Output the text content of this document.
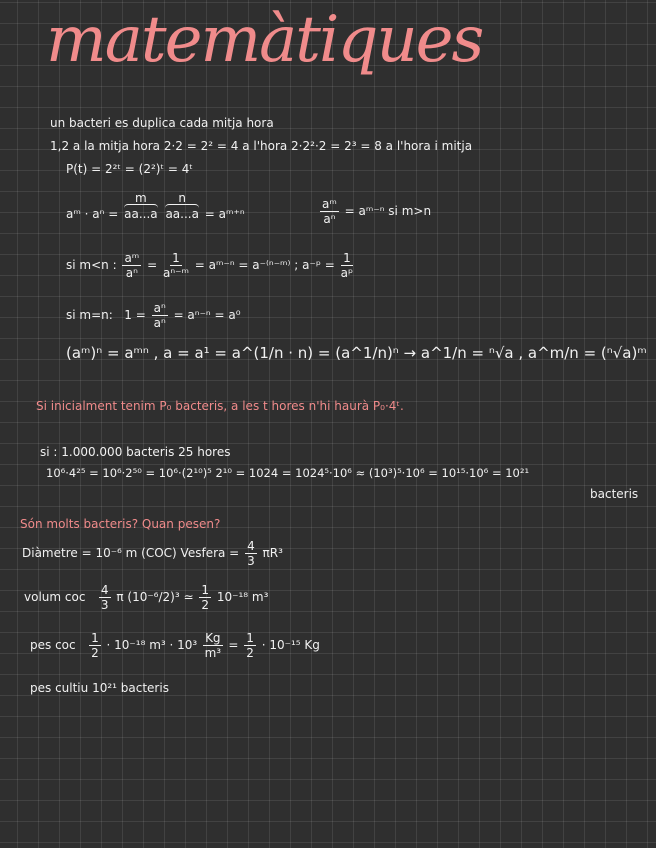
matemàtiques
un bacteri es duplica cada mitja hora
1,2 a la mitja hora 2·2 = 2² = 4 a l'hora 2·2²·2 = 2³ = 8 a l'hora i mitja
P(t) = 2²ᵗ = (2²)ᵗ = 4ᵗ
aᵐ · $a^n = \frac{m}{aa...a}$
$\frac{n}{aa...a}$ = aᵐ⁺ⁿ	$\frac{\text{aᵐ}}{\text{aⁿ}}$ = aᵐ⁻ⁿ si m>n
si m<n : $\frac{\text{aᵐ}}{\text{aⁿ}} = \frac{1}{\text{aⁿ⁻ᵐ}}$ = aᵐ⁻ⁿ = a⁻⁽ⁿ⁻ᵐ⁾ ; a⁻ᵖ = $\frac{1}{\text{aᵖ}}$
si m=n: $1 = \frac{\text{aⁿ}}{\text{aⁿ}} = a^{n-n} = a^0$
(aᵐ)ⁿ = aᵐⁿ , a = a¹ = a^(1/n · n) = (a^1/n)ⁿ → a^1/n = ⁿ√a , a^m/n = (ⁿ√a)ᵐ
Si inicialment tenim P₀ bacteris, a les t hores n'hi haurà P₀·4ᵗ.
si : 1.000.000 bacteris 25 hores
10⁶·4²⁵ = 10⁶·2⁵⁰ = 10⁶·(2¹⁰)⁵ 2¹⁰ = 1024 = 1024⁵·10⁶ ≈ (10³)⁵·10⁶ = 10¹⁵·10⁶ = 10²¹
bacteris
Són molts bacteris? Quan pesen?
Diàmetre = 10⁻⁶ m (COC) Vesfera = $\frac{4}{3} \pi R^3$
volum coc $\frac{4}{3}$ π (10⁻⁶/2)³ ≃ $\frac{1}{2} 10^{-18}$ m³
pes coc $\frac{1}{2} \cdot 10^{-18}$ $m^3 \cdot 10^3 \frac{Kg}{\text{m³}} = \frac{1}{2} \cdot 10^{-15}$ Kg
pes cultiu 10²¹ bacteris
